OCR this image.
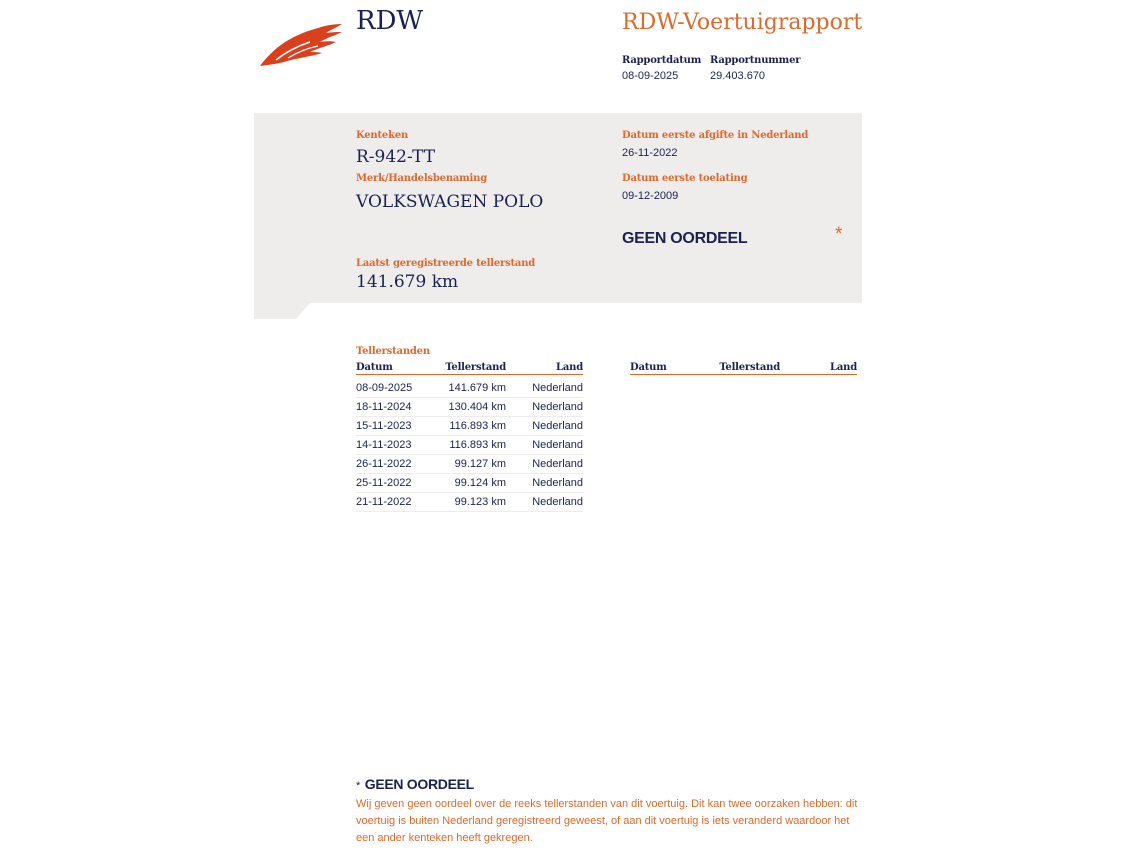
RDW	RDW-Voertuigrapport
Rapportdatum
08-09-2025
Rapportnummer
29.403.670
Kenteken
R-942-TT
Merk/Handelsbenaming
VOLKSWAGEN POLO
Datum eerste afgifte in Nederland
26-11-2022
Datum eerste toelating
09-12-2009
GEEN OORDEEL	*
Laatst geregistreerde tellerstand
141.679 km
Tellerstanden
Datum	Tellerstand	Land

08-09-2025	141.679 km	Nederland
18-11-2024	130.404 km	Nederland
15-11-2023	116.893 km	Nederland
14-11-2023	116.893 km	Nederland
26-11-2022	99.127 km	Nederland
25-11-2022	99.124 km	Nederland
21-11-2022	99.123 km	Nederland
Datum	Tellerstand	Land
* GEEN OORDEEL
Wij geven geen oordeel over de reeks tellerstanden van dit voertuig. Dit kan twee oorzaken hebben: dit voertuig is buiten Nederland geregistreerd geweest, of aan dit voertuig is iets veranderd waardoor het een ander kenteken heeft gekregen.
